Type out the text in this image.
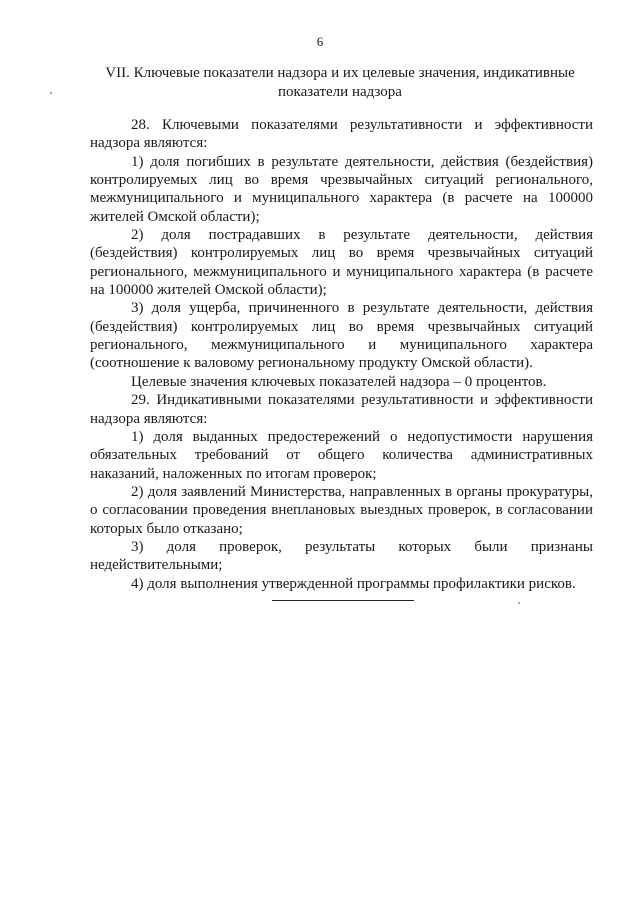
6
VII. Ключевые показатели надзора и их целевые значения, индикативные показатели надзора

28. Ключевыми показателями результативности и эффективности надзора являются:

1) доля погибших в результате деятельности, действия (бездействия) контролируемых лиц во время чрезвычайных ситуаций регионального, межмуниципального и муниципального характера (в расчете на 100000 жителей Омской области);

2) доля пострадавших в результате деятельности, действия (бездействия) контролируемых лиц во время чрезвычайных ситуаций регионального, межмуниципального и муниципального характера (в расчете на 100000 жителей Омской области);

3) доля ущерба, причиненного в результате деятельности, действия (бездействия) контролируемых лиц во время чрезвычайных ситуаций регионального, межмуниципального и муниципального характера (соотношение к валовому региональному продукту Омской области).

Целевые значения ключевых показателей надзора – 0 процентов.

29. Индикативными показателями результативности и эффективности надзора являются:

1) доля выданных предостережений о недопустимости нарушения обязательных требований от общего количества административных наказаний, наложенных по итогам проверок;

2) доля заявлений Министерства, направленных в органы прокуратуры, о согласовании проведения внеплановых выездных проверок, в согласовании которых было отказано;

3) доля проверок, результаты которых были признаны недействительными;

4) доля выполнения утвержденной программы профилактики рисков.
